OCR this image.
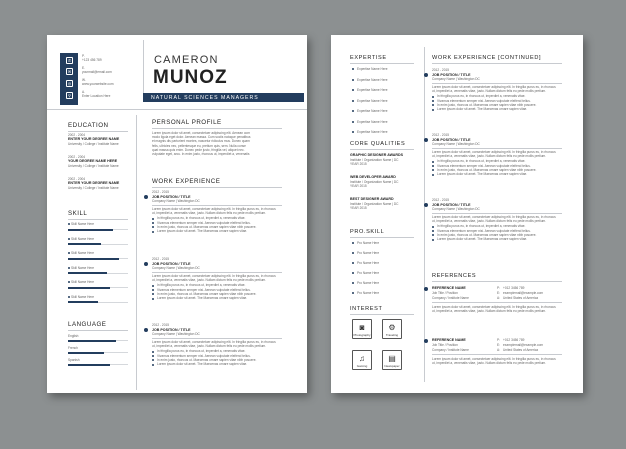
✆
✉
◎
⚲
P.
+123 456 789
E.
yourmail@email.com
W.
www.yourwebsite.com
A.
Enter Location Here
CAMERON
MUNOZ
NATURAL SCIENCES MANAGERS
EDUCATION
2002 - 2004
ENTER YOUR DEGREE NAME
University / College / Institute Name
2002 - 2004
YOUR DEGREE NAME HERE
University / College / Institute Name
2002 - 2004
ENTER YOUR DEGREE NAME
University / College / Institute Name
SKILL
Skill Name Here
Skill Name Here
Skill Name Here
Skill Name Here
Skill Name Here
Skill Name Here
LANGUAGE
English
French
Spanish
PERSONAL PROFILE
Lorem ipsum dolor sit amet, consectetuer adipiscing elit. Aenean com
modo ligula eget dolor. Aenean massa. Cum sociis natoque penatibus
et magnis dis parturient montes, nascetur ridiculus mus. Donec quam
felis, ultricies nec, pellentesque eu, pretium quis, sem. Nulla conse
quat massa quis enim. Donec pede justo, fringilla vel, aliquet nec.
vulputate eget, arcu. In enim justo, rhoncus ut, imperdiet a, venenatis
WORK EXPERIENCE
2012 - 2015
JOB POSITION / TITLE
Company Name | Washington DC
Lorem ipsum dolor sit amet, consectetuer adipiscing elit. In fringilla purus eu, in rhoncus
ut, imperdiet a, venenatis vitae, justo. Nullam dictum felis eu pede mollis pretium.
In fringilla purus eu, in rhoncus ut, imperdiet a, venenatis vitae.
Vivamus elementum semper nisi. Aenean vulputate eleifend tellus.
In enim justo, rhoncus ut. Maecenas ornare sapien vitae nibh posuere.
Lorem ipsum dolor sit amet. The Maecenas ornare sapien vitae.
2012 - 2015
JOB POSITION / TITLE
Company Name | Washington DC
Lorem ipsum dolor sit amet, consectetuer adipiscing elit. In fringilla purus eu, in rhoncus
ut, imperdiet a, venenatis vitae, justo. Nullam dictum felis eu pede mollis pretium.
In fringilla purus eu, in rhoncus ut, imperdiet a, venenatis vitae.
Vivamus elementum semper nisi. Aenean vulputate eleifend tellus.
In enim justo, rhoncus ut. Maecenas ornare sapien vitae nibh posuere.
Lorem ipsum dolor sit amet. The Maecenas ornare sapien vitae.
2012 - 2015
JOB POSITION / TITLE
Company Name | Washington DC
Lorem ipsum dolor sit amet, consectetuer adipiscing elit. In fringilla purus eu, in rhoncus
ut, imperdiet a, venenatis vitae, justo. Nullam dictum felis eu pede mollis pretium.
In fringilla purus eu, in rhoncus ut, imperdiet a, venenatis vitae.
Vivamus elementum semper nisi. Aenean vulputate eleifend tellus.
In enim justo, rhoncus ut. Maecenas ornare sapien vitae nibh posuere.
Lorem ipsum dolor sit amet. The Maecenas ornare sapien vitae.
EXPERTISE
Expertise Name Here
Expertise Name Here
Expertise Name Here
Expertise Name Here
Expertise Name Here
Expertise Name Here
Expertise Name Here
CORE QUALITIES
GRAPHIC DESIGNER AWARDS
Institute / Organization Name | DC
YEAR 2015
WEB DEVELOPER AWARD
Institute / Organization Name | DC
YEAR 2015
BEST DESIGNER AWARD
Institute / Organization Name | DC
YEAR 2015
PRO.SKILL
Pro Name Here
Pro Name Here
Pro Name Here
Pro Name Here
Pro Name Here
Pro Name Here
INTEREST
◙
Photography
⚙
Traveling
♫
Gaming
▤
Newspaper
WORK EXPERIENCE [CONTINUED]
2012 - 2015
JOB POSITION / TITLE
Company Name | Washington DC
Lorem ipsum dolor sit amet, consectetuer adipiscing elit. In fringilla purus eu, in rhoncus
ut, imperdiet a, venenatis vitae, justo. Nullam dictum felis eu pede mollis pretium.
In fringilla purus eu, in rhoncus ut, imperdiet a, venenatis vitae.
Vivamus elementum semper nisi. Aenean vulputate eleifend tellus.
In enim justo, rhoncus ut. Maecenas ornare sapien vitae nibh posuere.
Lorem ipsum dolor sit amet. The Maecenas ornare sapien vitae.
2012 - 2015
JOB POSITION / TITLE
Company Name | Washington DC
Lorem ipsum dolor sit amet, consectetuer adipiscing elit. In fringilla purus eu, in rhoncus
ut, imperdiet a, venenatis vitae, justo. Nullam dictum felis eu pede mollis pretium.
In fringilla purus eu, in rhoncus ut, imperdiet a, venenatis vitae.
Vivamus elementum semper nisi. Aenean vulputate eleifend tellus.
In enim justo, rhoncus ut. Maecenas ornare sapien vitae nibh posuere.
Lorem ipsum dolor sit amet. The Maecenas ornare sapien vitae.
2012 - 2015
JOB POSITION / TITLE
Company Name | Washington DC
Lorem ipsum dolor sit amet, consectetuer adipiscing elit. In fringilla purus eu, in rhoncus
ut, imperdiet a, venenatis vitae, justo. Nullam dictum felis eu pede mollis pretium.
In fringilla purus eu, in rhoncus ut, imperdiet a, venenatis vitae.
Vivamus elementum semper nisi. Aenean vulputate eleifend tellus.
In enim justo, rhoncus ut. Maecenas ornare sapien vitae nibh posuere.
Lorem ipsum dolor sit amet. The Maecenas ornare sapien vitae.
REFERENCES
REFERENCE NAME
Job Title / Position
Company / Institute Name
P: +012 3456 789
E: examplemail@example.com
A: United States of America
Lorem ipsum dolor sit amet, consectetuer adipiscing elit. In fringilla purus eu, in rhoncus
ut, imperdiet a, venenatis vitae, justo. Nullam dictum felis eu pede mollis pretium.
REFERENCE NAME
Job Title / Position
Company / Institute Name
P: +012 3456 789
E: examplemail@example.com
A: United States of America
Lorem ipsum dolor sit amet, consectetuer adipiscing elit. In fringilla purus eu, in rhoncus
ut, imperdiet a, venenatis vitae, justo. Nullam dictum felis eu pede mollis pretium.
